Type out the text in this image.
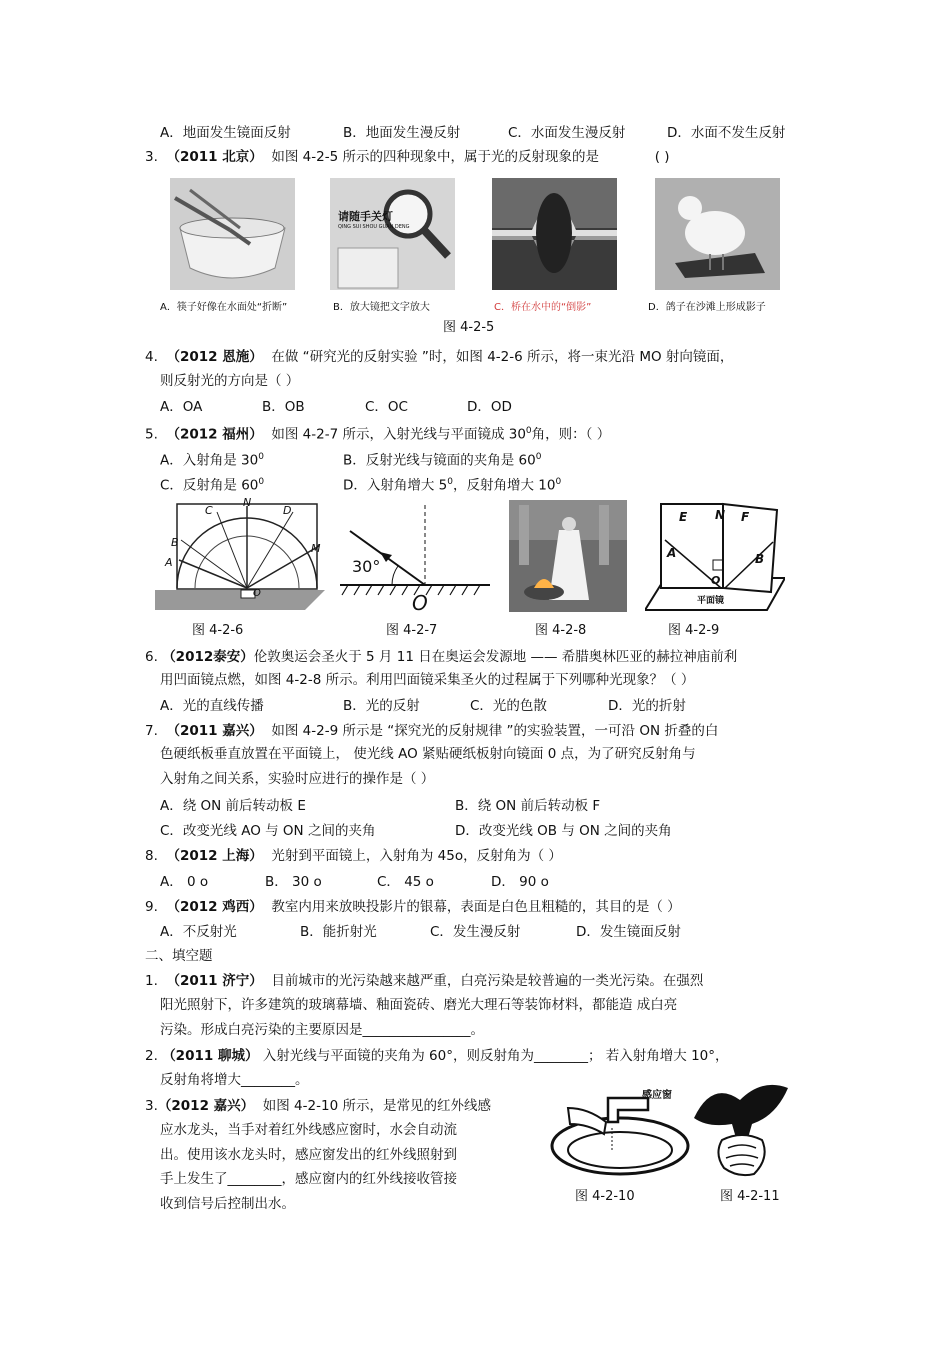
A．地面发生镜面反射	B．地面发生漫反射	C．水面发生漫反射	D．水面不发生反射
3. （2011 北京） 如图 4-2-5 所示的四种现象中，属于光的反射现象的是	( )
请随手关灯
QING SUI SHOU GUAN DENG
A．筷子好像在水面处“折断”	B．放大镜把文字放大	C．桥在水中的“倒影”	D．鸽子在沙滩上形成影子
图 4-2-5
4. （2012 恩施） 在做 “研究光的反射实验 ”时，如图 4-2-6 所示，将一束光沿 MO 射向镜面，
则反射光的方向是（ ）
A．OA	B．OB	C．OC	D．OD
5. （2012 福州） 如图 4-2-7 所示，入射光线与平面镜成 $30^0$角，则：（ ）
A．入射角是 $30^0$	B．反射光线与镜面的夹角是 $60^0$
C．反射角是 $60^0$	D．入射角增大 $5^0$，反射角增大 $10^0$
A
B
C
N
D
M
O
图 4-2-6
30°
O
图 4-2-7	图 4-2-8
E N F
A	B
O
平面镜
图 4-2-9
6. （2012泰安）伦敦奥运会圣火于 5 月 11 日在奥运会发源地 —— 希腊奥林匹亚的赫拉神庙前利
用凹面镜点燃，如图 4-2-8 所示。利用凹面镜采集圣火的过程属于下列哪种光现象？（ ）
A．光的直线传播	B．光的反射	C．光的色散	D．光的折射
7. （2011 嘉兴） 如图 4-2-9 所示是 “探究光的反射规律 ”的实验装置，一可沿 ON 折叠的白
色硬纸板垂直放置在平面镜上， 使光线 AO 紧贴硬纸板射向镜面 0 点，为了研究反射角与
入射角之间关系，实验时应进行的操作是（ ）
A．绕 ON 前后转动板 E	B．绕 ON 前后转动板 F
C．改变光线 AO 与 ON 之间的夹角	D．改变光线 OB 与 ON 之间的夹角
8. （2012 上海） 光射到平面镜上，入射角为 45o，反射角为（ ）
A． 0 o	B． 30 o	C． 45 o	D． 90 o
9. （2012 鸡西） 教室内用来放映投影片的银幕，表面是白色且粗糙的，其目的是（ ）
A．不反射光	B．能折射光	C．发生漫反射	D．发生镜面反射
二、填空题
1. （2011 济宁） 目前城市的光污染越来越严重，白亮污染是较普遍的一类光污染。在强烈
阳光照射下，许多建筑的玻璃幕墙、釉面瓷砖、磨光大理石等装饰材料，都能造 成白亮
污染。形成白亮污染的主要原因是________________。
2. （2011 聊城） 入射光线与平面镜的夹角为 60°，则反射角为________； 若入射角增大 10°，
反射角将增大________。
3.（2012 嘉兴） 如图 4-2-10 所示，是常见的红外线感
应水龙头，当手对着红外线感应窗时，水会自动流
出。使用该水龙头时，感应窗发出的红外线照射到
手上发生了________，感应窗内的红外线接收管接
收到信号后控制出水。
感应窗
图 4-2-10	图 4-2-11
